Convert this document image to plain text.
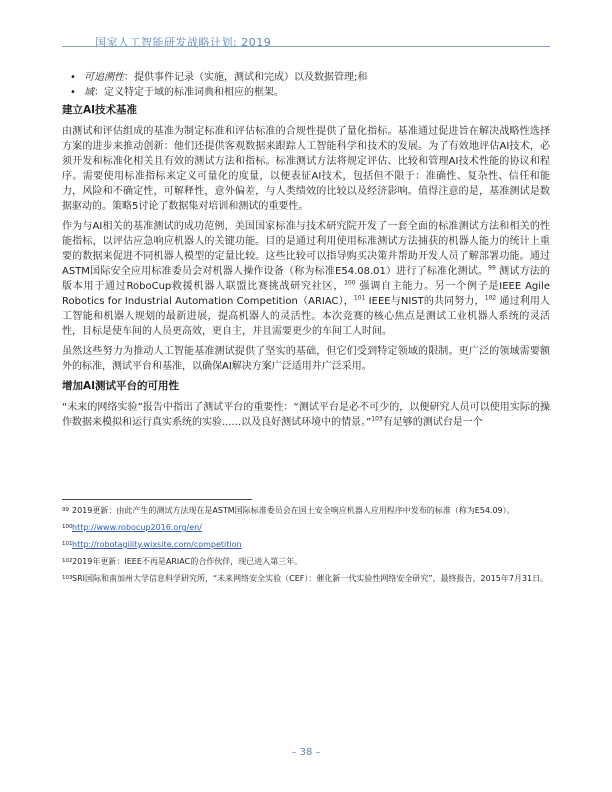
国家人工智能研发战略计划: 2019
• 可追溯性：提供事件记录（实施，测试和完成）以及数据管理;和
• 域：定义特定于域的标准词典和相应的框架。
建立AI技术基准

由测试和评估组成的基准为制定标准和评估标准的合规性提供了量化指标。基准通过促进旨在解决战略性选择方案的进步来推动创新：他们还提供客观数据来跟踪人工智能科学和技术的发展。为了有效地评估AI技术，必须开发和标准化相关且有效的测试方法和指标。标准测试方法将规定评估、比较和管理AI技术性能的协议和程序。需要使用标准指标来定义可量化的度量，以便表征AI技术，包括但不限于：准确性、复杂性、信任和能力，风险和不确定性，可解释性，意外偏差，与人类绩效的比较以及经济影响。值得注意的是，基准测试是数据驱动的。策略5讨论了数据集对培训和测试的重要性。

作为与AI相关的基准测试的成功范例，美国国家标准与技术研究院开发了一套全面的标准测试方法和相关的性能指标，以评估应急响应机器人的关键功能。目的是通过利用使用标准测试方法捕获的机器人能力的统计上重要的数据来促进不同机器人模型的定量比较。这些比较可以指导购买决策并帮助开发人员了解部署功能。通过ASTM国际安全应用标准委员会对机器人操作设备（称为标准E54.08.01）进行了标准化测试。$^{99}$ 测试方法的版本用于通过RoboCup救援机器人联盟比赛挑战研究社区，$^{100}$ 强调自主能力。另一个例子是IEEE Agile Robotics for Industrial Automation Competition（ARIAC），$^{101}$ IEEE与NIST的共同努力，$^{102}$ 通过利用人工智能和机器人规划的最新进展，提高机器人的灵活性。本次竞赛的核心焦点是测试工业机器人系统的灵活性，目标是使车间的人员更高效，更自主，并且需要更少的车间工人时间。

虽然这些努力为推动人工智能基准测试提供了坚实的基础，但它们受到特定领域的限制。更广泛的领域需要额外的标准，测试平台和基准，以确保AI解决方案广泛适用并广泛采用。

增加AI测试平台的可用性

“未来的网络实验”报告中指出了测试平台的重要性：“测试平台是必不可少的，以便研究人员可以使用实际的操作数据来模拟和运行真实系统的实验......以及良好测试环境中的情景。”$^{103}$有足够的测试台是一个

99 2019更新：由此产生的测试方法现在是ASTM国际标准委员会在国土安全响应机器人应用程序中发布的标准（称为E54.09）。
100 http://www.robocup2016.org/en/
101 http://robotagility.wixsite.com/competition
102 2019年更新：IEEE不再是ARIAC的合作伙伴，现已进入第三年。
103 SRI国际和南加州大学信息科学研究所，“未来网络安全实验（CEF）：催化新一代实验性网络安全研究”，最终报告，2015年7月31日。
– 38 –
